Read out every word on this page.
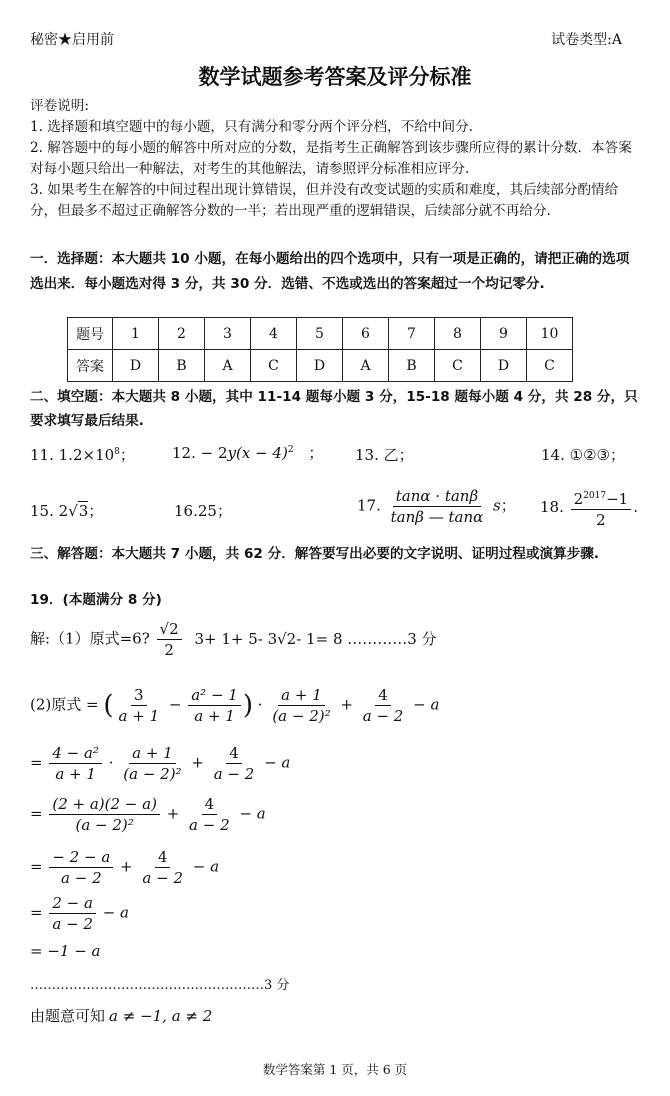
秘密★启用前	试卷类型:A
数学试题参考答案及评分标准
评卷说明:
1. 选择题和填空题中的每小题，只有满分和零分两个评分档，不给中间分.
2. 解答题中的每小题的解答中所对应的分数，是指考生正确解答到该步骤所应得的累计分数．本答案对每小题只给出一种解法，对考生的其他解法，请参照评分标准相应评分.
3. 如果考生在解答的中间过程出现计算错误，但并没有改变试题的实质和难度，其后续部分酌情给分，但最多不超过正确解答分数的一半；若出现严重的逻辑错误，后续部分就不再给分.
一．选择题：本大题共 10 小题，在每小题给出的四个选项中，只有一项是正确的，请把正确的选项选出来．每小题选对得 3 分，共 30 分．选错、不选或选出的答案超过一个均记零分.
题号	1	2	3	4	5	6	7	8	9	10
答案	D	B	A	C	D	A	B	C	D	C
二、填空题：本大题共 8 小题，其中 11-14 题每小题 3 分，15-18 题每小题 4 分，共 28 分，只要求填写最后结果.
11. $1.2\times 10^8$； 12. − $2y(x - 4)^2$ ； 13. 乙；	14. ①②③；
15. 2√3；	16.25；	17. $\frac{\tan\alpha \cdot \tan\beta}{\tan\beta — \tan\alpha}$ s； 18. $\frac{2^{2017}-1}{2}$ .
三、解答题：本大题共 7 小题，共 62 分．解答要写出必要的文字说明、证明过程或演算步骤.
19．(本题满分 8 分)
解:（1）原式=6? $\frac{√2}{2} 3+ 1+ 5-$ 3√2- 1= 8 …………3 分
(2)原式 = ( $\frac{3}{a + 1} - \frac{\text{a² − 1}}{a + 1}$ ) · $\frac{a + 1}{\text{(a − 2)²}} + \frac{4}{a - 2} - a$
= $\frac{\text{4 − a²}}{a + 1} \cdot \frac{a + 1}{\text{(a − 2)²}} + \frac{4}{a - 2} - a$
= $\frac{(2 + a)(2 - a)}{\text{(a − 2)²}} + \frac{4}{a - 2} - a$
= $\frac{- 2 - a}{a - 2} + \frac{4}{a - 2} - a$
= $\frac{2 - a}{a - 2} - a$
= −1 − a
………………………………………………3 分
由题意可知 a ≠ −1, a ≠ 2
数学答案第 1 页，共 6 页
